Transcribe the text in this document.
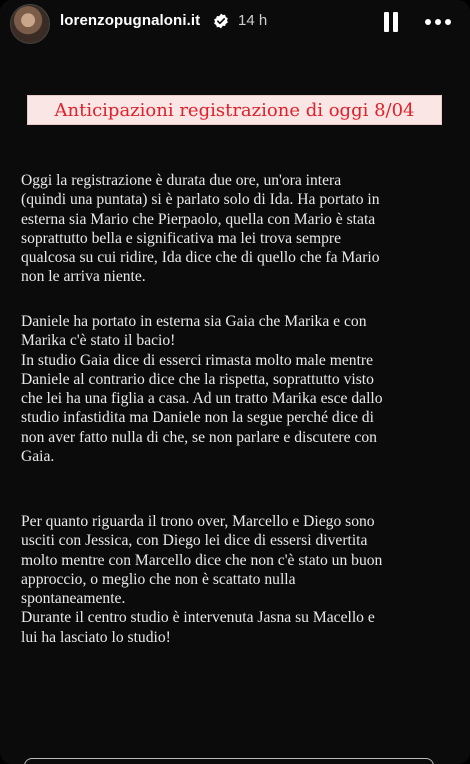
lorenzopugnaloni.it	14 h
Anticipazioni registrazione di oggi 8/04
Oggi la registrazione è durata due ore, un'ora intera
(quindi una puntata) si è parlato solo di Ida. Ha portato in
esterna sia Mario che Pierpaolo, quella con Mario è stata
soprattutto bella e significativa ma lei trova sempre
qualcosa su cui ridire, Ida dice che di quello che fa Mario
non le arriva niente.
Daniele ha portato in esterna sia Gaia che Marika e con
Marika c'è stato il bacio!
In studio Gaia dice di esserci rimasta molto male mentre
Daniele al contrario dice che la rispetta, soprattutto visto
che lei ha una figlia a casa. Ad un tratto Marika esce dallo
studio infastidita ma Daniele non la segue perché dice di
non aver fatto nulla di che, se non parlare e discutere con
Gaia.
Per quanto riguarda il trono over, Marcello e Diego sono
usciti con Jessica, con Diego lei dice di essersi divertita
molto mentre con Marcello dice che non c'è stato un buon
approccio, o meglio che non è scattato nulla
spontaneamente.
Durante il centro studio è intervenuta Jasna su Macello e
lui ha lasciato lo studio!
